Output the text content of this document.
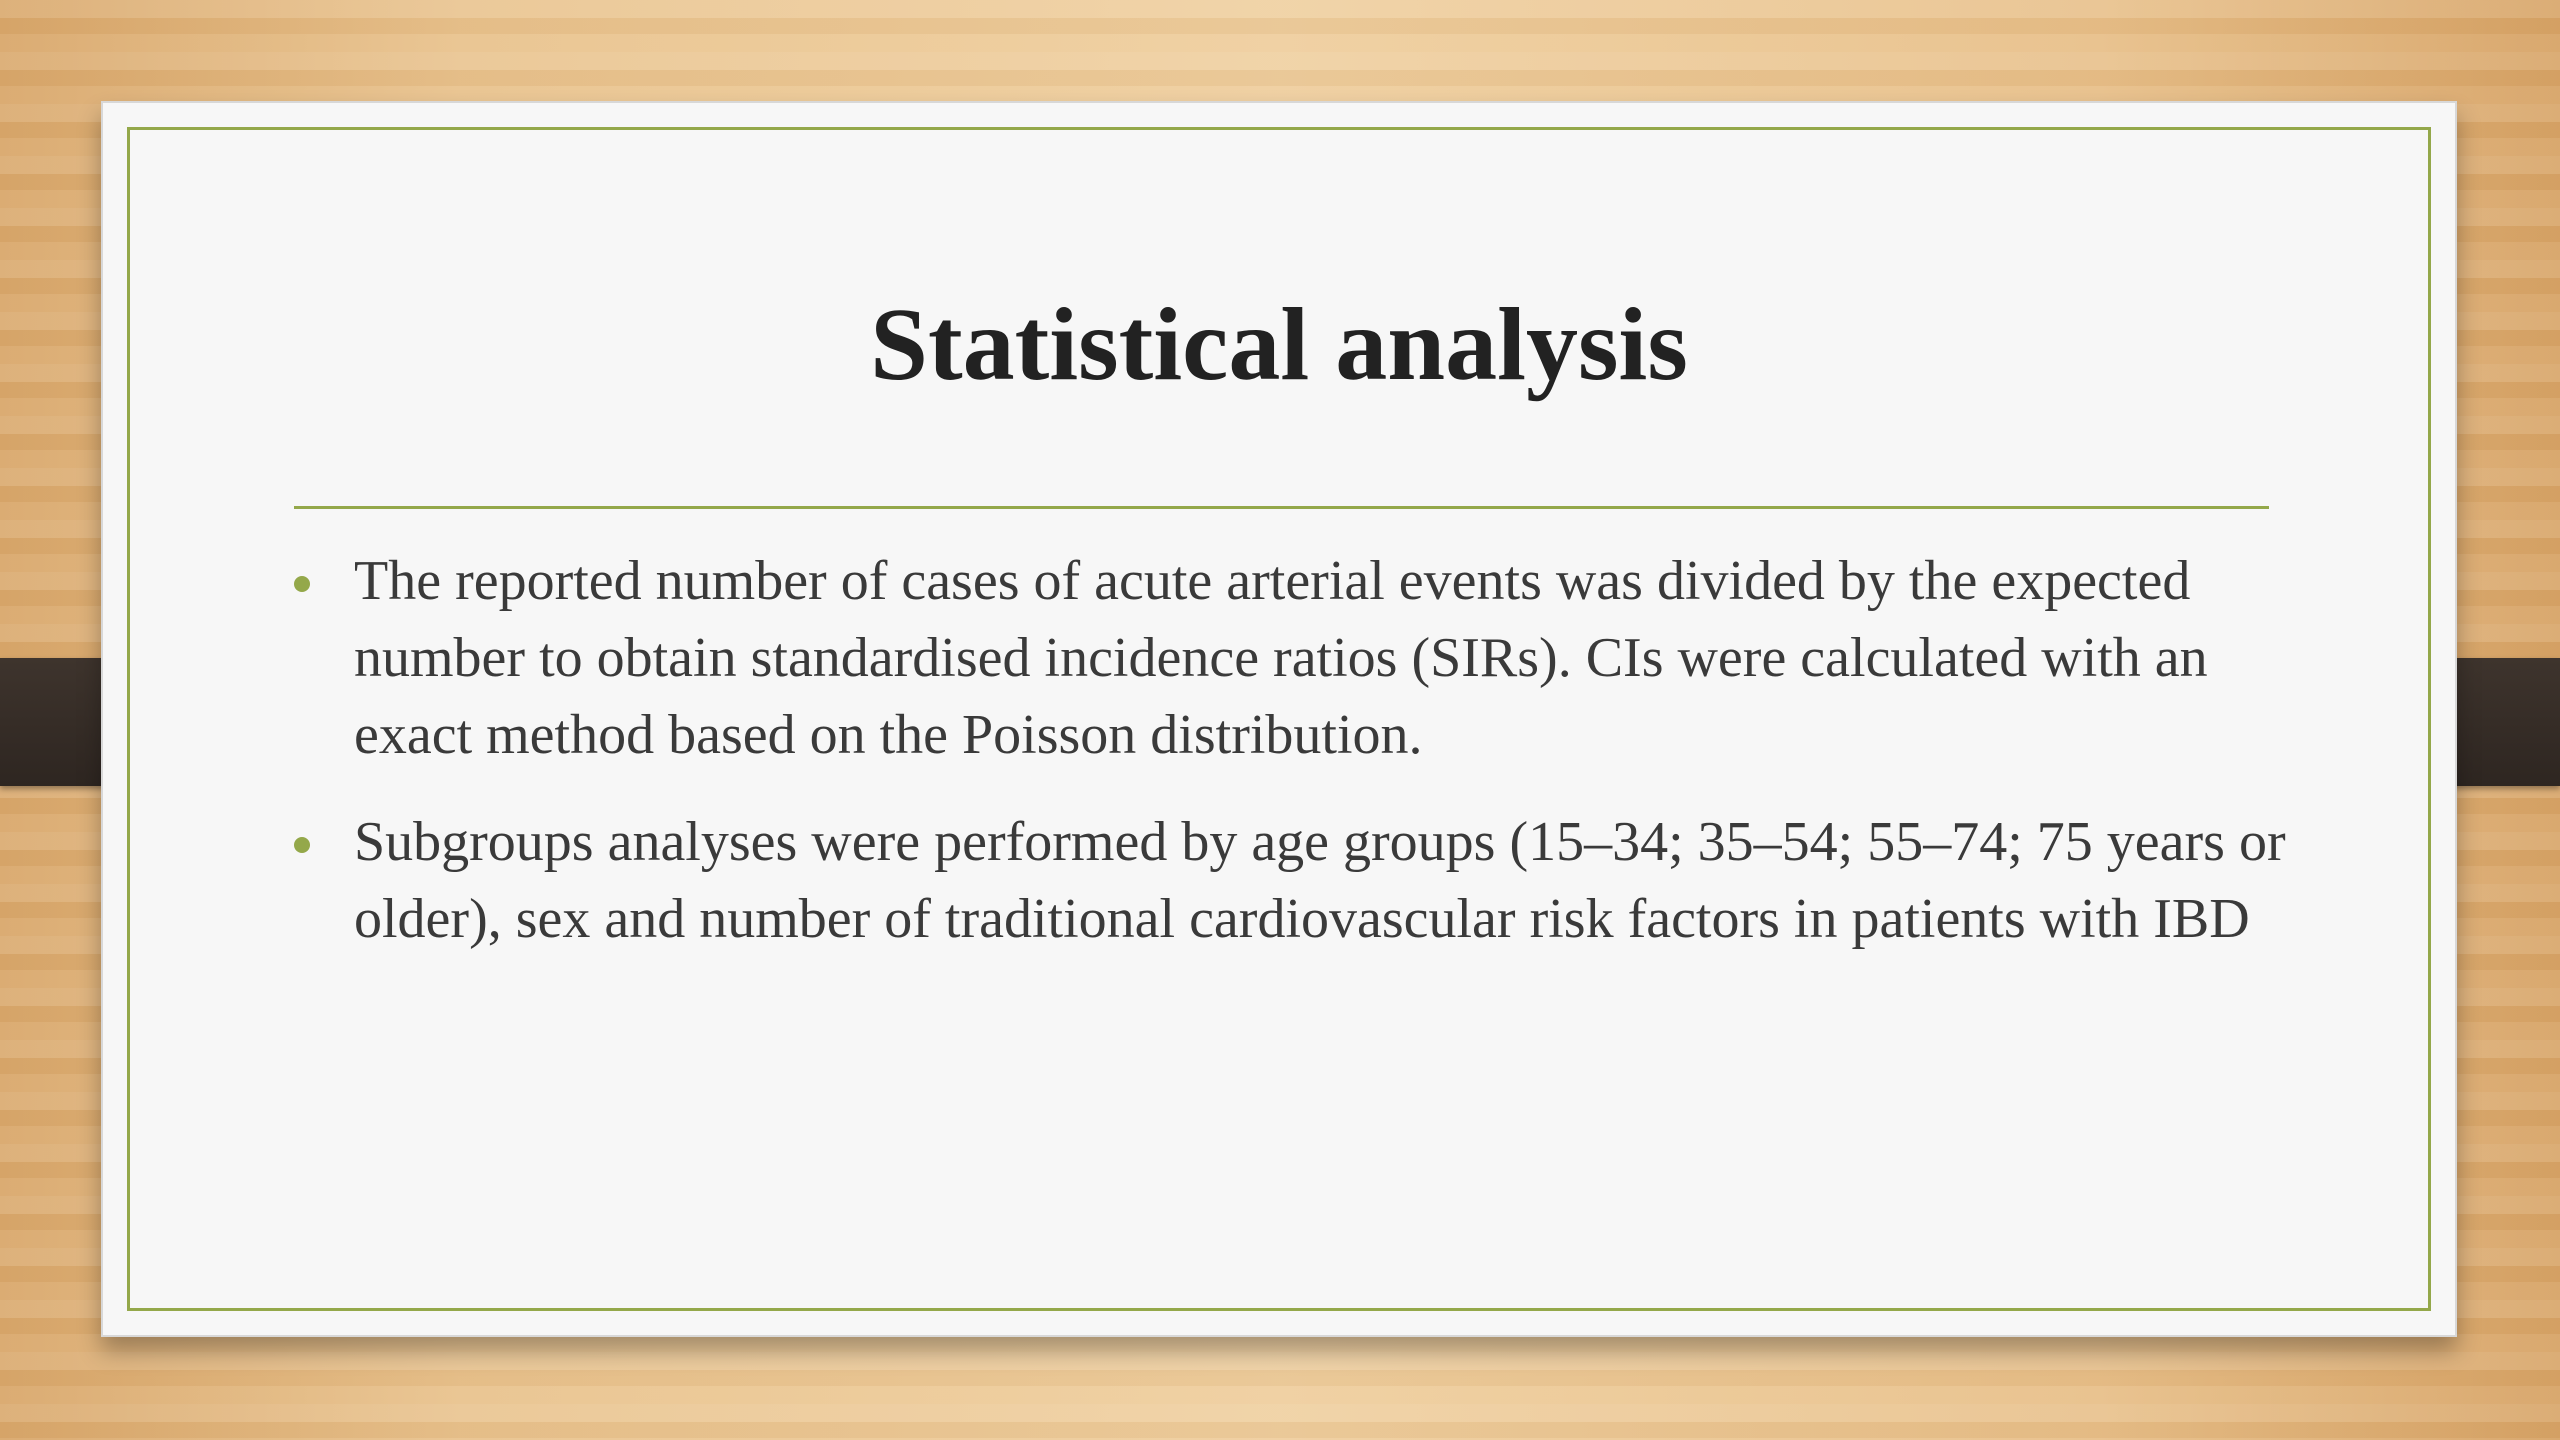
Statistical analysis
The reported number of cases of acute arterial events was divided by the expected number to obtain standardised incidence ratios (SIRs). CIs were calculated with an exact method based on the Poisson distribution.
Subgroups analyses were performed by age groups (15–34; 35–54; 55–74; 75 years or older), sex and number of traditional cardiovascular risk factors in patients with IBD
